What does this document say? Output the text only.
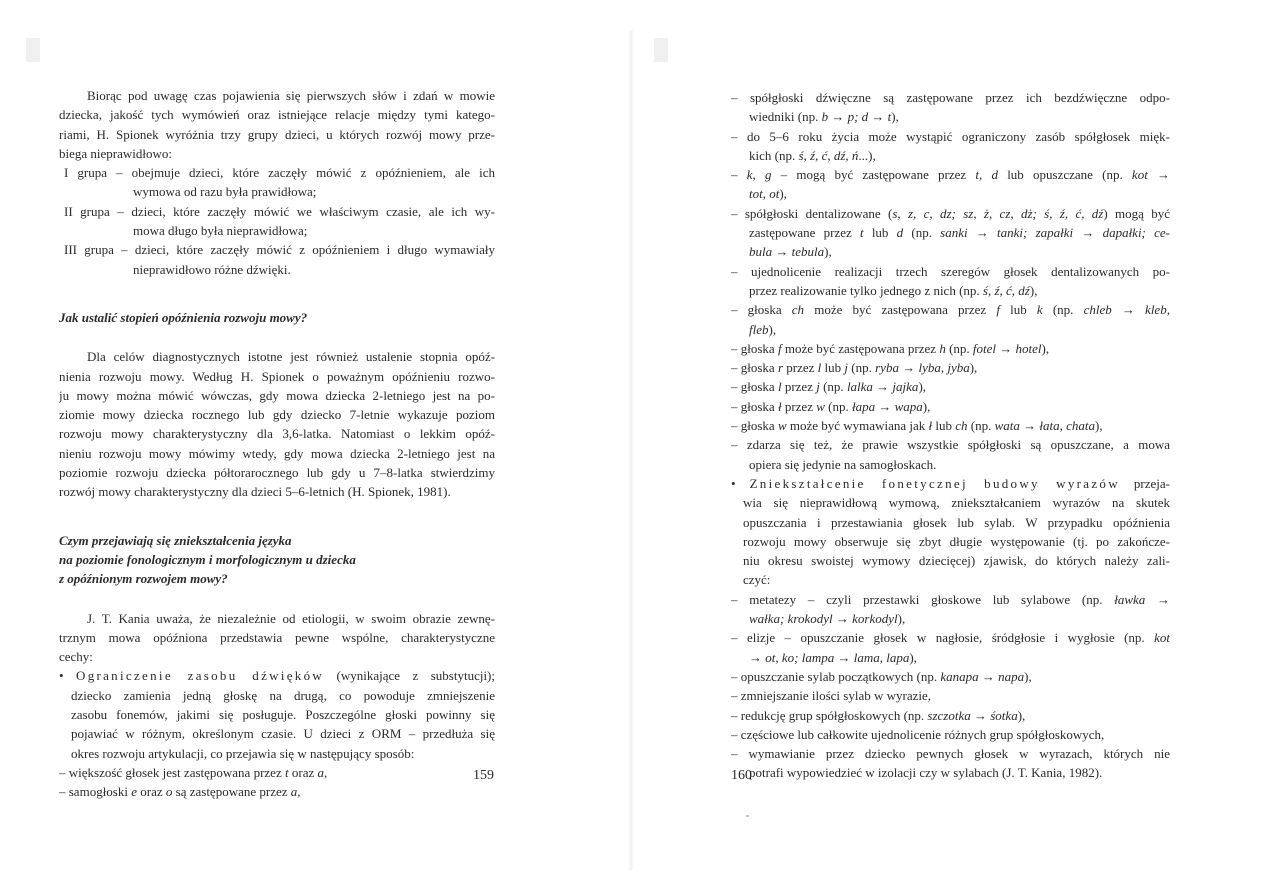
Biorąc pod uwagę czas pojawienia się pierwszych słów i zdań w mowie
dziecka, jakość tych wymówień oraz istniejące relacje między tymi katego-
riami, H. Spionek wyróżnia trzy grupy dzieci, u których rozwój mowy prze-
biega nieprawidłowo:
I grupa – obejmuje dzieci, które zaczęły mówić z opóźnieniem, ale ich
wymowa od razu była prawidłowa;
II grupa – dzieci, które zaczęły mówić we właściwym czasie, ale ich wy-
mowa długo była nieprawidłowa;
III grupa – dzieci, które zaczęły mówić z opóźnieniem i długo wymawiały
nieprawidłowo różne dźwięki.
Jak ustalić stopień opóźnienia rozwoju mowy?
Dla celów diagnostycznych istotne jest również ustalenie stopnia opóź-
nienia rozwoju mowy. Według H. Spionek o poważnym opóźnieniu rozwo-
ju mowy można mówić wówczas, gdy mowa dziecka 2-letniego jest na po-
ziomie mowy dziecka rocznego lub gdy dziecko 7-letnie wykazuje poziom
rozwoju mowy charakterystyczny dla 3,6-latka. Natomiast o lekkim opóź-
nieniu rozwoju mowy mówimy wtedy, gdy mowa dziecka 2-letniego jest na
poziomie rozwoju dziecka półtorarocznego lub gdy u 7–8-latka stwierdzimy
rozwój mowy charakterystyczny dla dzieci 5–6-letnich (H. Spionek, 1981).
Czym przejawiają się zniekształcenia języka
na poziomie fonologicznym i morfologicznym u dziecka
z opóźnionym rozwojem mowy?
J. T. Kania uważa, że niezależnie od etiologii, w swoim obrazie zewnę-
trznym mowa opóźniona przedstawia pewne wspólne, charakterystyczne
cechy:
• Ograniczenie zasobu dźwięków (wynikające z substytucji);
dziecko zamienia jedną głoskę na drugą, co powoduje zmniejszenie
zasobu fonemów, jakimi się posługuje. Poszczególne głoski powinny się
pojawiać w różnym, określonym czasie. U dzieci z ORM – przedłuża się
okres rozwoju artykulacji, co przejawia się w następujący sposób:
– większość głosek jest zastępowana przez t oraz a,
– samogłoski e oraz o są zastępowane przez a,
159
– spółgłoski dźwięczne są zastępowane przez ich bezdźwięczne odpo-
wiedniki (np. b → p; d → t),
– do 5–6 roku życia może wystąpić ograniczony zasób spółgłosek mięk-
kich (np. ś, ź, ć, dź, ń...),
– k, g – mogą być zastępowane przez t, d lub opuszczane (np. kot →
tot, ot),
– spółgłoski dentalizowane (s, z, c, dz; sz, ż, cz, dż; ś, ź, ć, dź) mogą być
zastępowane przez t lub d (np. sanki → tanki; zapałki → dapałki; ce-
bula → tebula),
– ujednolicenie realizacji trzech szeregów głosek dentalizowanych po-
przez realizowanie tylko jednego z nich (np. ś, ź, ć, dź),
– głoska ch może być zastępowana przez f lub k (np. chleb → kleb,
fleb),
– głoska f może być zastępowana przez h (np. fotel → hotel),
– głoska r przez l lub j (np. ryba → lyba, jyba),
– głoska l przez j (np. lalka → jajka),
– głoska ł przez w (np. łapa → wapa),
– głoska w może być wymawiana jak ł lub ch (np. wata → łata, chata),
– zdarza się też, że prawie wszystkie spółgłoski są opuszczane, a mowa
opiera się jedynie na samogłoskach.
• Zniekształcenie fonetycznej budowy wyrazów przeja-
wia się nieprawidłową wymową, zniekształcaniem wyrazów na skutek
opuszczania i przestawiania głosek lub sylab. W przypadku opóźnienia
rozwoju mowy obserwuje się zbyt długie występowanie (tj. po zakończe-
niu okresu swoistej wymowy dziecięcej) zjawisk, do których należy zali-
czyć:
– metatezy – czyli przestawki głoskowe lub sylabowe (np. ławka →
wałka; krokodyl → korkodyl),
– elizje – opuszczanie głosek w nagłosie, śródgłosie i wygłosie (np. kot
→ ot, ko; lampa → lama, lapa),
– opuszczanie sylab początkowych (np. kanapa → napa),
– zmniejszanie ilości sylab w wyrazie,
– redukcję grup spółgłoskowych (np. szczotka → śotka),
– częściowe lub całkowite ujednolicenie różnych grup spółgłoskowych,
– wymawianie przez dziecko pewnych głosek w wyrazach, których nie
potrafi wypowiedzieć w izolacji czy w sylabach (J. T. Kania, 1982).
160
